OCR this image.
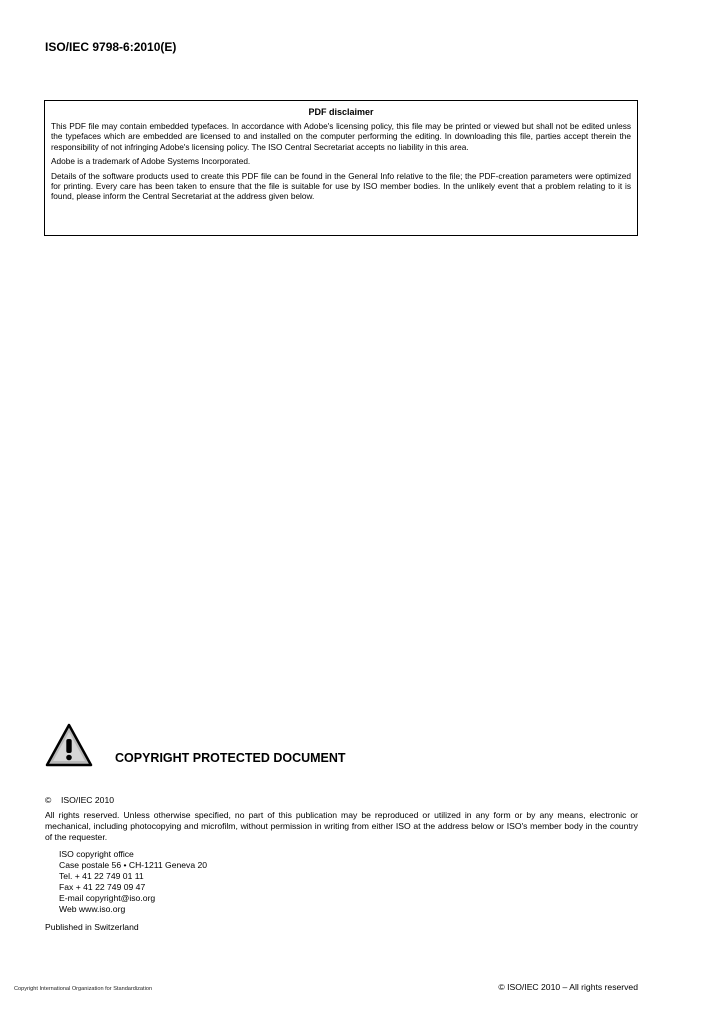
ISO/IEC 9798-6:2010(E)
PDF disclaimer

This PDF file may contain embedded typefaces. In accordance with Adobe's licensing policy, this file may be printed or viewed but shall not be edited unless the typefaces which are embedded are licensed to and installed on the computer performing the editing. In downloading this file, parties accept therein the responsibility of not infringing Adobe's licensing policy. The ISO Central Secretariat accepts no liability in this area.

Adobe is a trademark of Adobe Systems Incorporated.

Details of the software products used to create this PDF file can be found in the General Info relative to the file; the PDF-creation parameters were optimized for printing. Every care has been taken to ensure that the file is suitable for use by ISO member bodies. In the unlikely event that a problem relating to it is found, please inform the Central Secretariat at the address given below.

COPYRIGHT PROTECTED DOCUMENT
© ISO/IEC 2010

All rights reserved. Unless otherwise specified, no part of this publication may be reproduced or utilized in any form or by any means, electronic or mechanical, including photocopying and microfilm, without permission in writing from either ISO at the address below or ISO's member body in the country of the requester.

ISO copyright office
Case postale 56 • CH-1211 Geneva 20
Tel. + 41 22 749 01 11
Fax + 41 22 749 09 47
E-mail copyright@iso.org
Web www.iso.org
Published in Switzerland
Copyright International Organization for Standardization	© ISO/IEC 2010 – All rights reserved
